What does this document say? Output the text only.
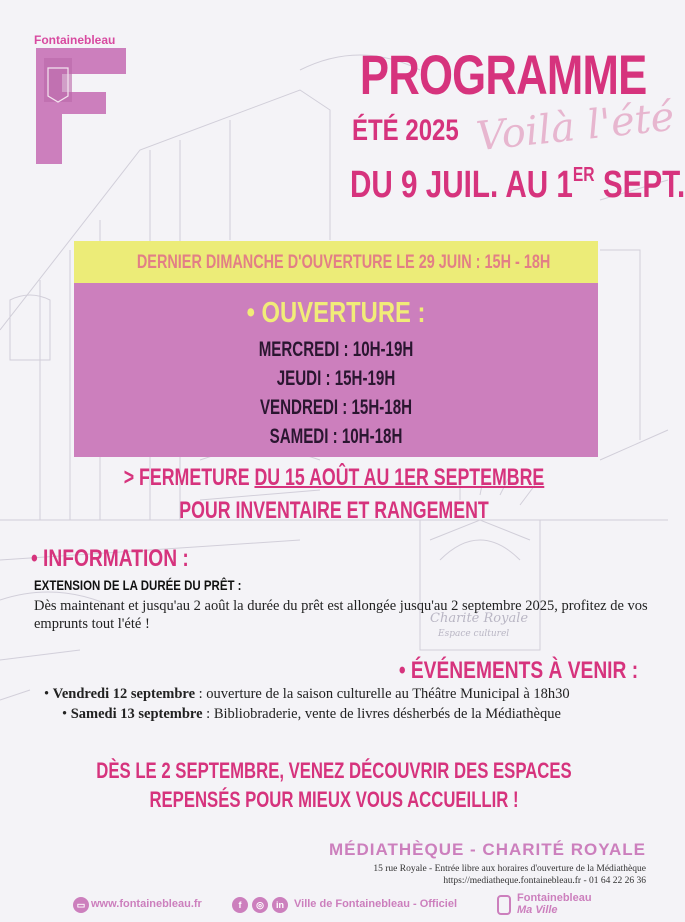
Charité Royale
Espace culturel
Fontainebleau
PROGRAMME
ÉTÉ 2025 Voilà l'été
DU 9 JUIL. AU 1ER SEPT.
DERNIER DIMANCHE D'OUVERTURE LE 29 JUIN : 15H - 18H
• OUVERTURE :
MERCREDI : 10H-19H
JEUDI : 15H-19H
VENDREDI : 15H-18H
SAMEDI : 10H-18H
> FERMETURE DU 15 AOÛT AU 1ER SEPTEMBRE
POUR INVENTAIRE ET RANGEMENT
• INFORMATION :
EXTENSION DE LA DURÉE DU PRÊT :
Dès maintenant et jusqu'au 2 août la durée du prêt est allongée jusqu'au 2 septembre 2025, profitez de vos emprunts tout l'été !
• ÉVÉNEMENTS À VENIR :
• Vendredi 12 septembre : ouverture de la saison culturelle au Théâtre Municipal à 18h30
• Samedi 13 septembre : Bibliobraderie, vente de livres désherbés de la Médiathèque
DÈS LE 2 SEPTEMBRE, VENEZ DÉCOUVRIR DES ESPACES
REPENSÉS POUR MIEUX VOUS ACCUEILLIR !
MÉDIATHÈQUE - CHARITÉ ROYALE
15 rue Royale - Entrée libre aux horaires d'ouverture de la Médiathèque
https://mediatheque.fontainebleau.fr - 01 64 22 26 36
▭ www.fontainebleau.fr	f	◎	in Ville de Fontainebleau - Officiel	Fontainebleau
Ma Ville
